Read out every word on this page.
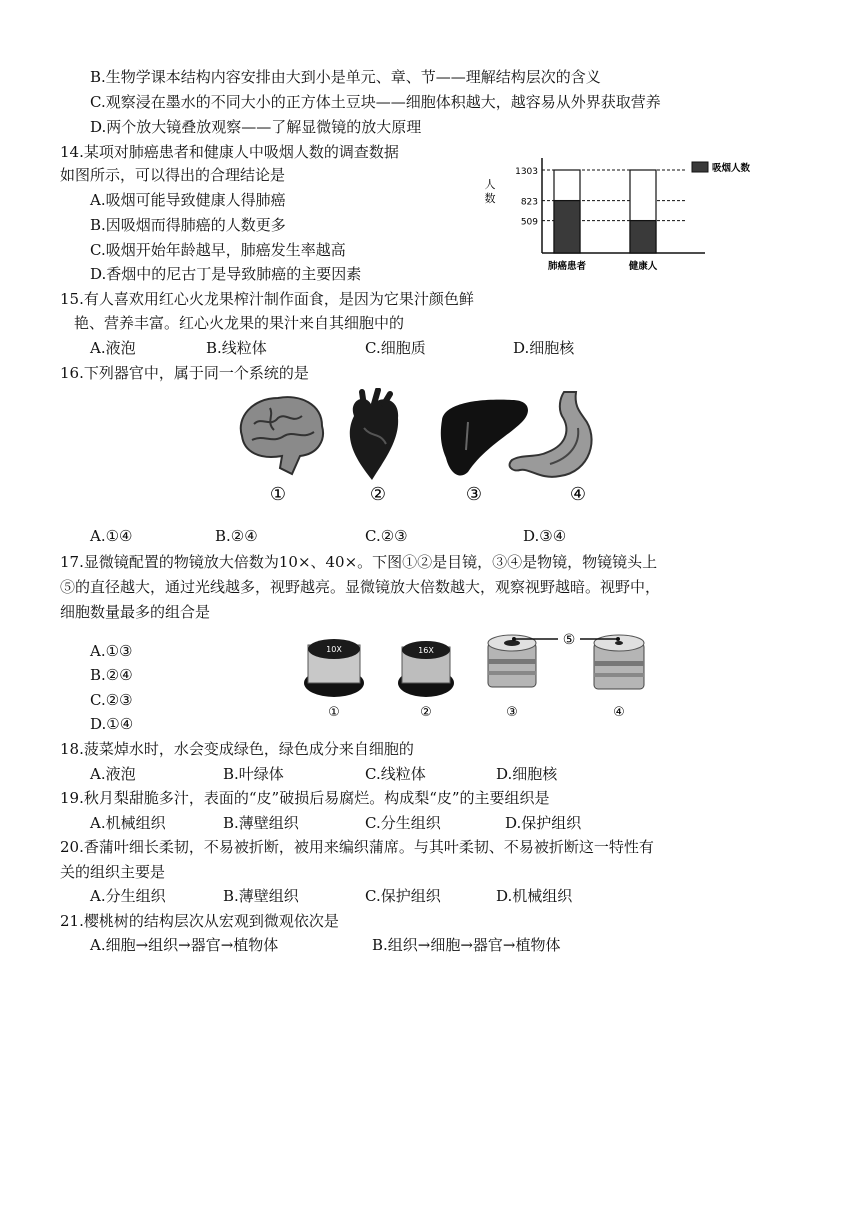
B.生物学课本结构内容安排由大到小是单元、章、节——理解结构层次的含义
C.观察浸在墨水的不同大小的正方体土豆块——细胞体积越大，越容易从外界获取营养
D.两个放大镜叠放观察——了解显微镜的放大原理
14.某项对肺癌患者和健康人中吸烟人数的调查数据
如图所示，可以得出的合理结论是
A.吸烟可能导致健康人得肺癌
B.因吸烟而得肺癌的人数更多
C.吸烟开始年龄越早，肺癌发生率越高
D.香烟中的尼古丁是导致肺癌的主要因素
人
数
509
823
1303
肺癌患者	健康人
吸烟人数
15.有人喜欢用红心火龙果榨汁制作面食，是因为它果汁颜色鲜
艳、营养丰富。红心火龙果的果汁来自其细胞中的
A.液泡	B.线粒体	C.细胞质	D.细胞核
16.下列器官中，属于同一个系统的是
①	②	③	④
A.①④	B.②④	C.②③	D.③④
17.显微镜配置的物镜放大倍数为10×、40×。下图①②是目镜，③④是物镜，物镜镜头上
⑤的直径越大，通过光线越多，视野越亮。显微镜放大倍数越大，观察视野越暗。视野中，
细胞数量最多的组合是
A.①③
B.②④
C.②③
D.①④
10X	16X
⑤
①	②	③	④
18.菠菜焯水时，水会变成绿色，绿色成分来自细胞的
A.液泡	B.叶绿体	C.线粒体	D.细胞核
19.秋月梨甜脆多汁，表面的“皮”破损后易腐烂。构成梨“皮”的主要组织是
A.机械组织	B.薄壁组织	C.分生组织	D.保护组织
20.香蒲叶细长柔韧，不易被折断，被用来编织蒲席。与其叶柔韧、不易被折断这一特性有
关的组织主要是
A.分生组织	B.薄壁组织	C.保护组织	D.机械组织
21.樱桃树的结构层次从宏观到微观依次是
A.细胞→组织→器官→植物体	B.组织→细胞→器官→植物体
